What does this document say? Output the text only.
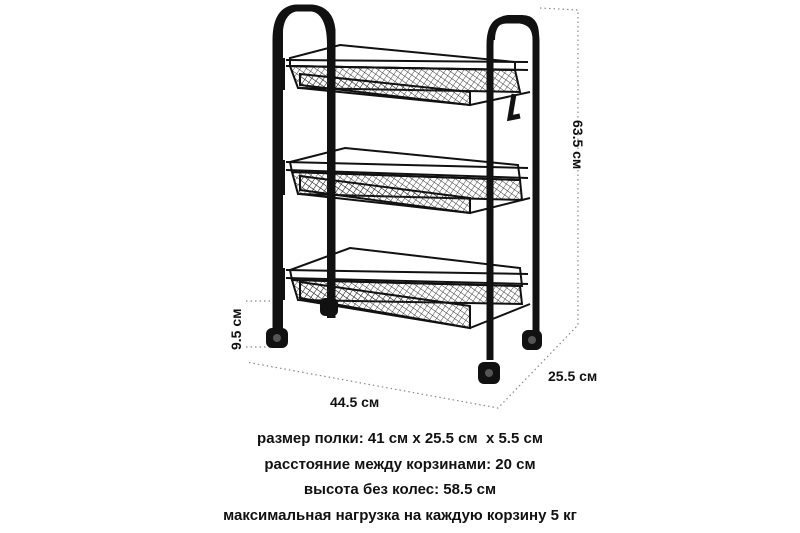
63.5 см
9.5 см
25.5 см
44.5 см
размер полки: 41 см x 25.5 см  x 5.5 см
расстояние между корзинами: 20 см
высота без колес: 58.5 см
максимальная нагрузка на каждую корзину 5 кг
